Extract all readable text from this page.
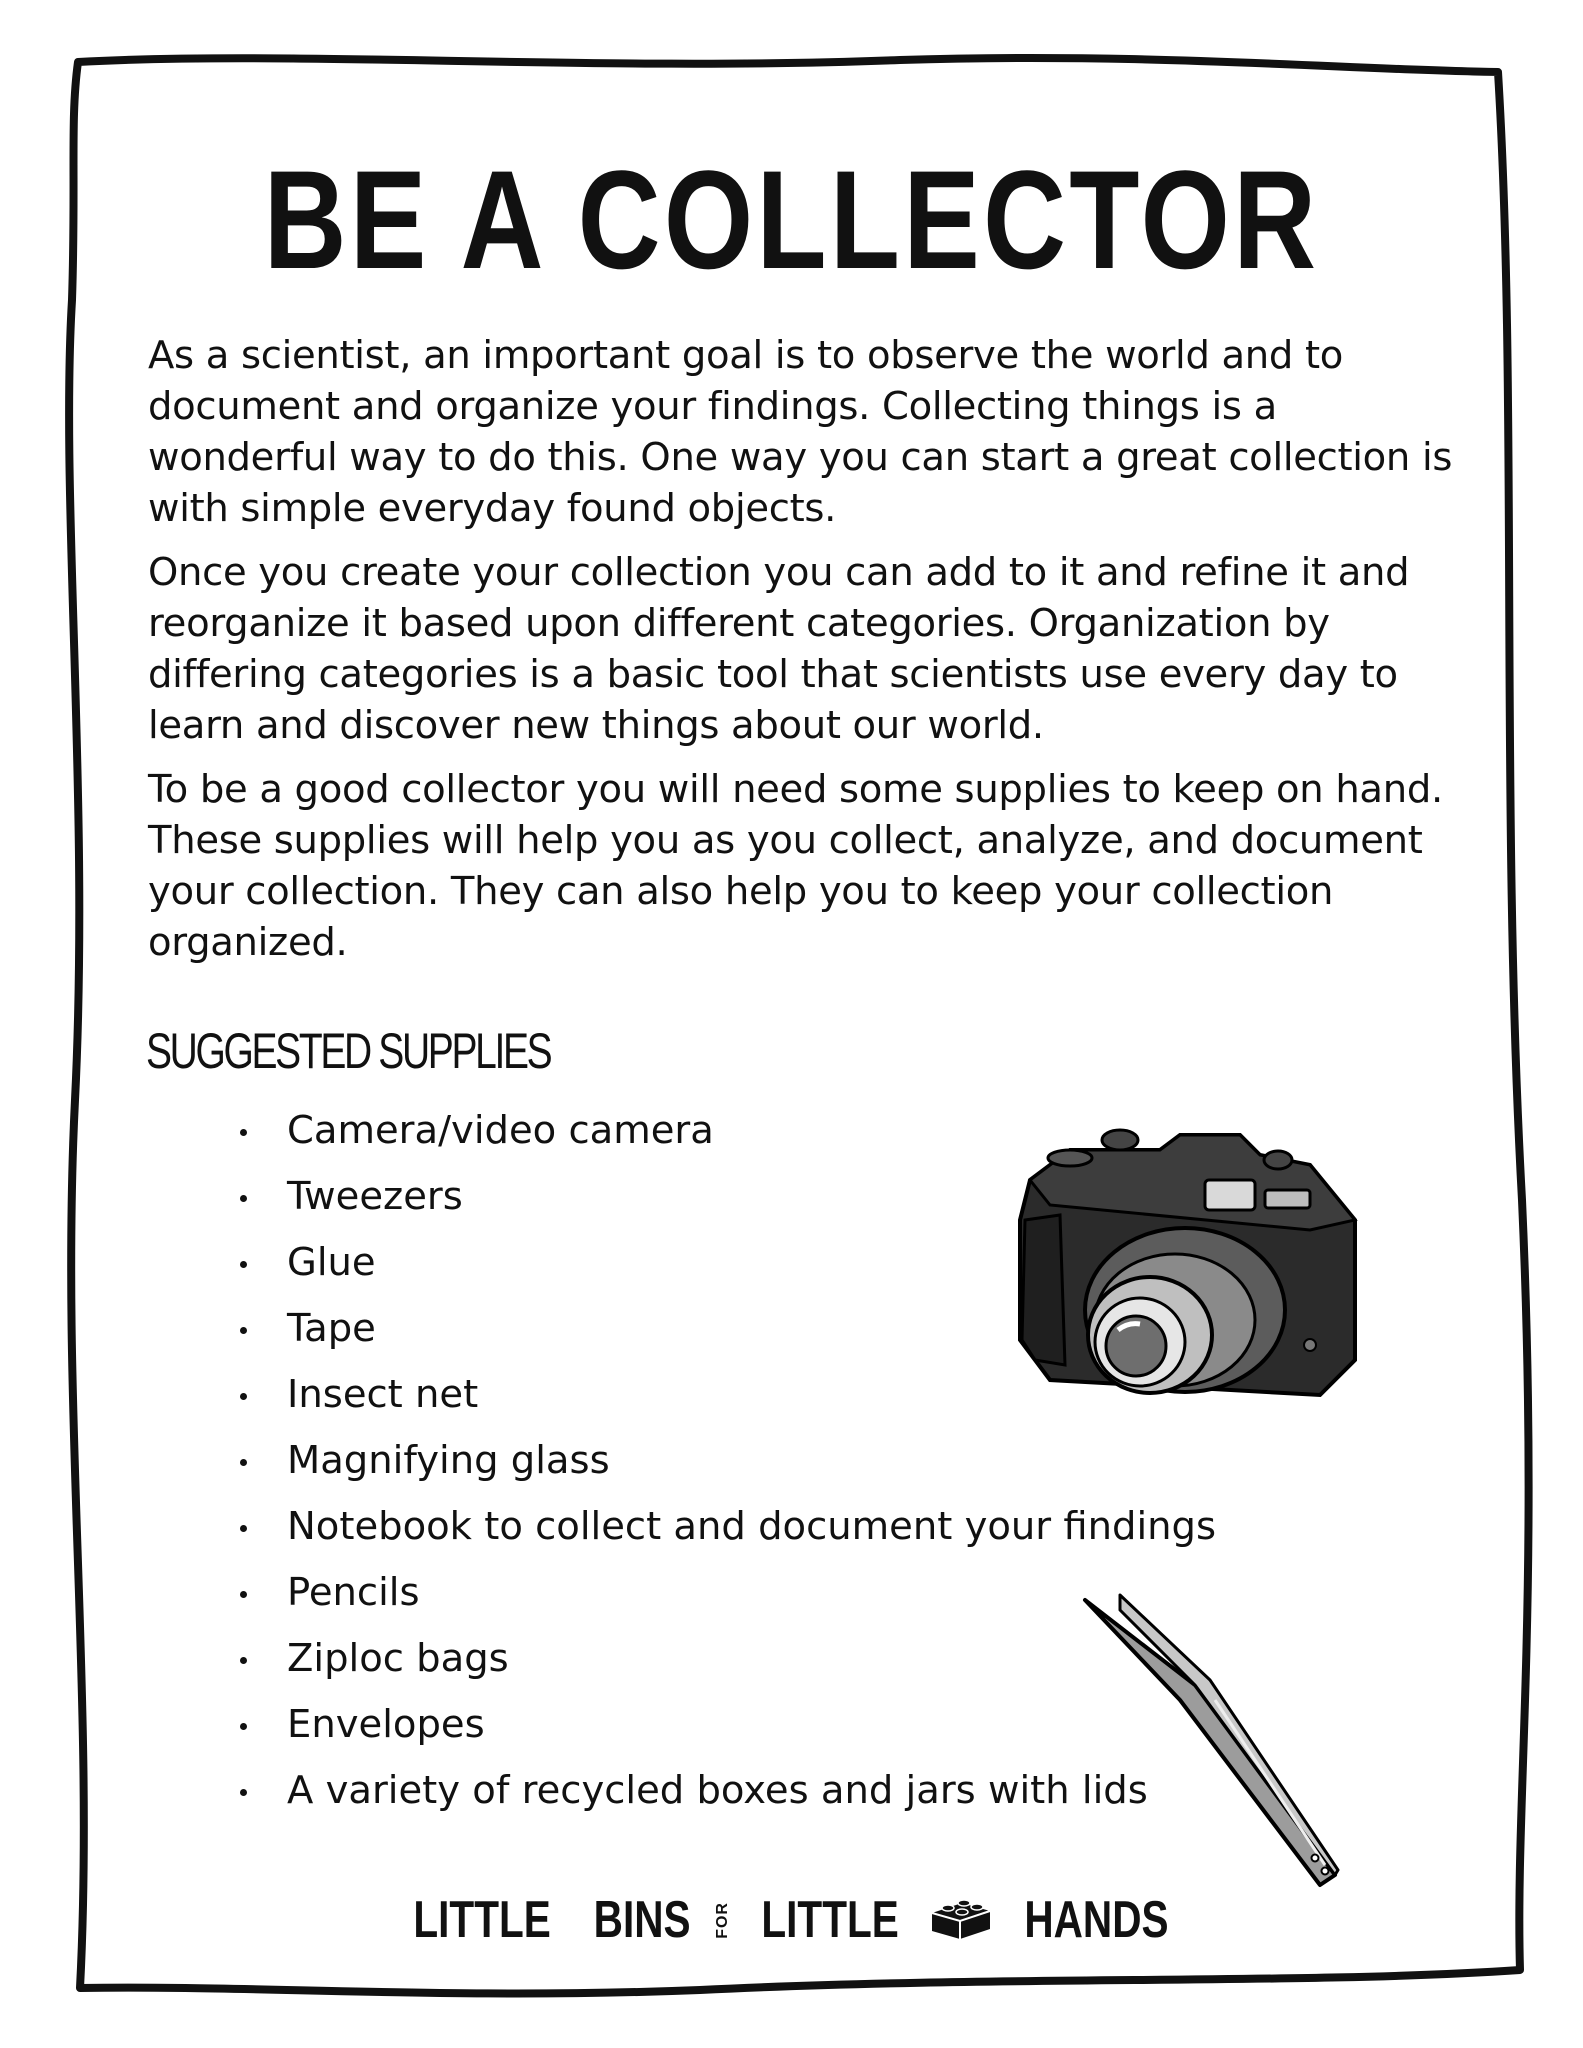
BE A COLLECTOR

As a scientist, an important goal is to observe the world and to document and organize your findings. Collecting things is a wonderful way to do this. One way you can start a great collection is with simple everyday found objects.

Once you create your collection you can add to it and refine it and reorganize it based upon different categories. Organization by differing categories is a basic tool that scientists use every day to learn and discover new things about our world.

To be a good collector you will need some supplies to keep on hand. These supplies will help you as you collect, analyze, and document your collection. They can also help you to keep your collection organized.

SUGGESTED SUPPLIES
Camera/video camera
Tweezers
Glue
Tape
Insect net
Magnifying glass
Notebook to collect and document your findings
Pencils
Ziploc bags
Envelopes
A variety of recycled boxes and jars with lids
LITTLE BINS FOR LITTLE HANDS
